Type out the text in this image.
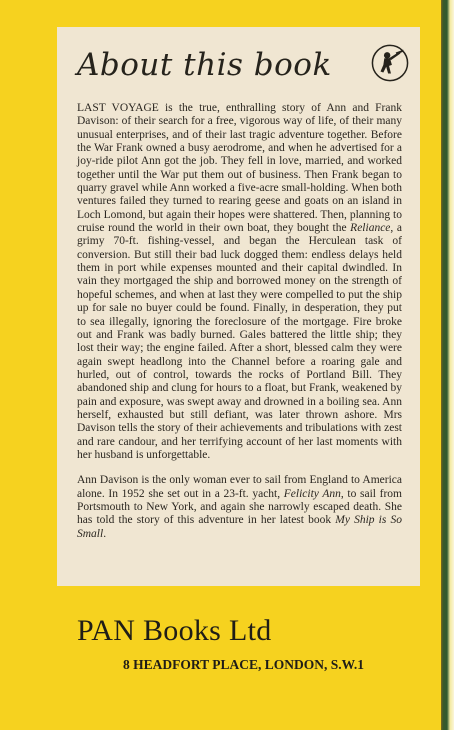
About this book

LAST VOYAGE is the true, enthralling story of Ann and Frank Davison: of their search for a free, vigorous way of life, of their many unusual enterprises, and of their last tragic adventure together. Before the War Frank owned a busy aerodrome, and when he advertised for a joy-ride pilot Ann got the job. They fell in love, married, and worked together until the War put them out of business. Then Frank began to quarry gravel while Ann worked a five-acre small-holding. When both ventures failed they turned to rearing geese and goats on an island in Loch Lomond, but again their hopes were shattered. Then, planning to cruise round the world in their own boat, they bought the Reliance, a grimy 70-ft. fishing-vessel, and began the Herculean task of conversion. But still their bad luck dogged them: endless delays held them in port while expenses mounted and their capital dwindled. In vain they mortgaged the ship and borrowed money on the strength of hopeful schemes, and when at last they were compelled to put the ship up for sale no buyer could be found. Finally, in desperation, they put to sea illegally, ignoring the foreclosure of the mortgage. Fire broke out and Frank was badly burned. Gales battered the little ship; they lost their way; the engine failed. After a short, blessed calm they were again swept headlong into the Channel before a roaring gale and hurled, out of control, towards the rocks of Portland Bill. They abandoned ship and clung for hours to a float, but Frank, weakened by pain and exposure, was swept away and drowned in a boiling sea. Ann herself, exhausted but still defiant, was later thrown ashore. Mrs Davison tells the story of their achievements and tribulations with zest and rare candour, and her terrifying account of her last moments with her husband is unforgettable.

Ann Davison is the only woman ever to sail from England to America alone. In 1952 she set out in a 23-ft. yacht, Felicity Ann, to sail from Portsmouth to New York, and again she narrowly escaped death. She has told the story of this adventure in her latest book My Ship is So Small.

PAN Books Ltd
8 HEADFORT PLACE, LONDON, S.W.1
